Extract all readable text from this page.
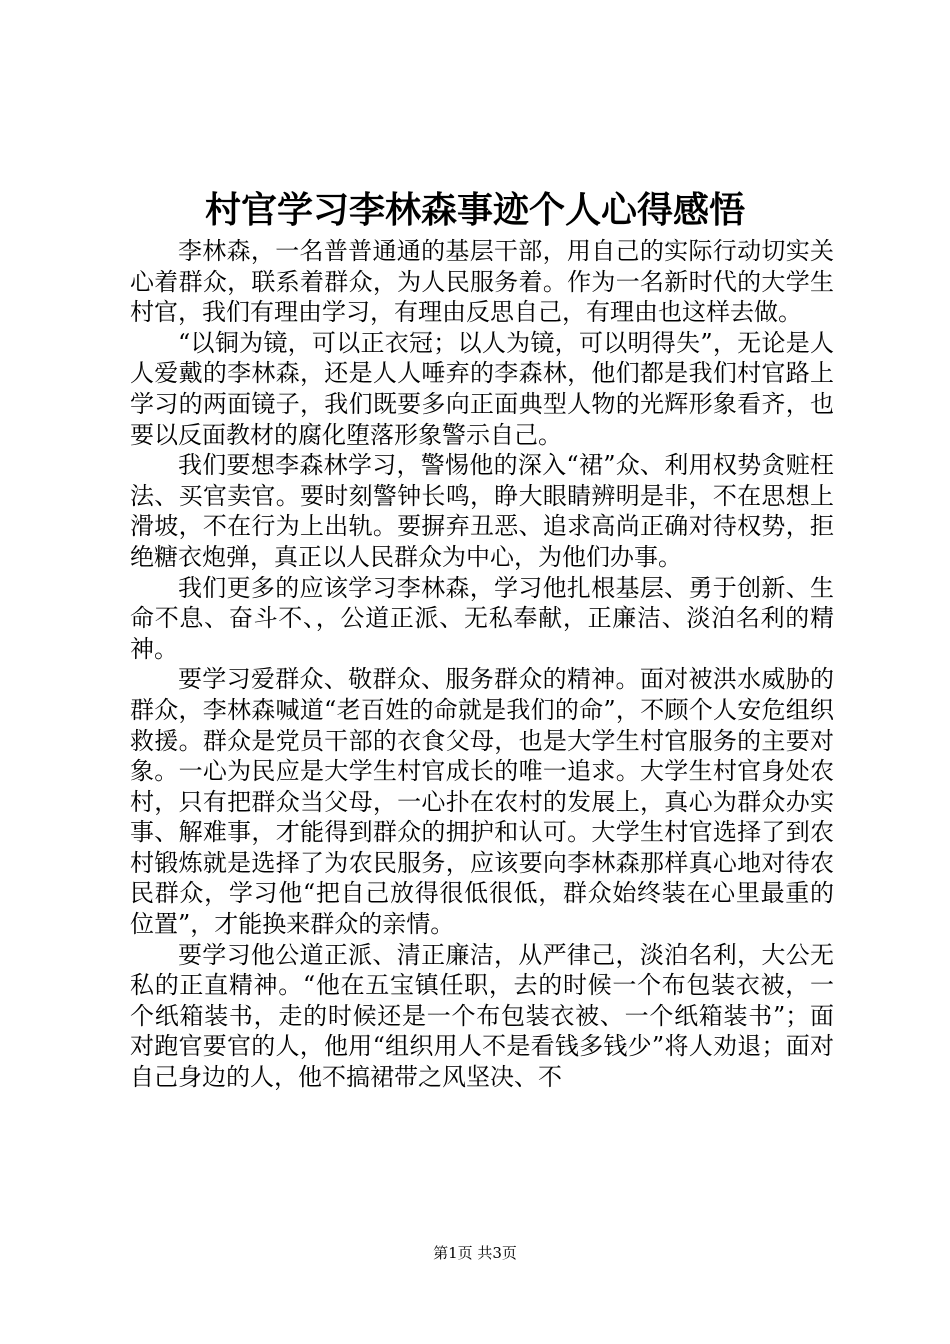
村官学习李林森事迹个人心得感悟

李林森，一名普普通通的基层干部，用自己的实际行动切实关心着群众，联系着群众，为人民服务着。作为一名新时代的大学生村官，我们有理由学习，有理由反思自己，有理由也这样去做。

“以铜为镜，可以正衣冠；以人为镜，可以明得失”，无论是人人爱戴的李林森，还是人人唾弃的李森林，他们都是我们村官路上学习的两面镜子，我们既要多向正面典型人物的光辉形象看齐，也要以反面教材的腐化堕落形象警示自己。

我们要想李森林学习，警惕他的深入“裙”众、利用权势贪赃枉法、买官卖官。要时刻警钟长鸣，睁大眼睛辨明是非，不在思想上滑坡，不在行为上出轨。要摒弃丑恶、追求高尚正确对待权势，拒绝糖衣炮弹，真正以人民群众为中心，为他们办事。

我们更多的应该学习李林森，学习他扎根基层、勇于创新、生命不息、奋斗不、，公道正派、无私奉献，正廉洁、淡泊名利的精神。

要学习爱群众、敬群众、服务群众的精神。面对被洪水威胁的群众，李林森喊道“老百姓的命就是我们的命”，不顾个人安危组织救援。群众是党员干部的衣食父母，也是大学生村官服务的主要对象。一心为民应是大学生村官成长的唯一追求。大学生村官身处农村，只有把群众当父母，一心扑在农村的发展上，真心为群众办实事、解难事，才能得到群众的拥护和认可。大学生村官选择了到农村锻炼就是选择了为农民服务，应该要向李林森那样真心地对待农民群众，学习他“把自己放得很低很低，群众始终装在心里最重的位置”，才能换来群众的亲情。

要学习他公道正派、清正廉洁，从严律己，淡泊名利，大公无私的正直精神。“他在五宝镇任职，去的时候一个布包装衣被，一个纸箱装书，走的时候还是一个布包装衣被、一个纸箱装书”；面对跑官要官的人，他用“组织用人不是看钱多钱少”将人劝退；面对自己身边的人，他不搞裙带之风坚决、不

第1页 共3页
